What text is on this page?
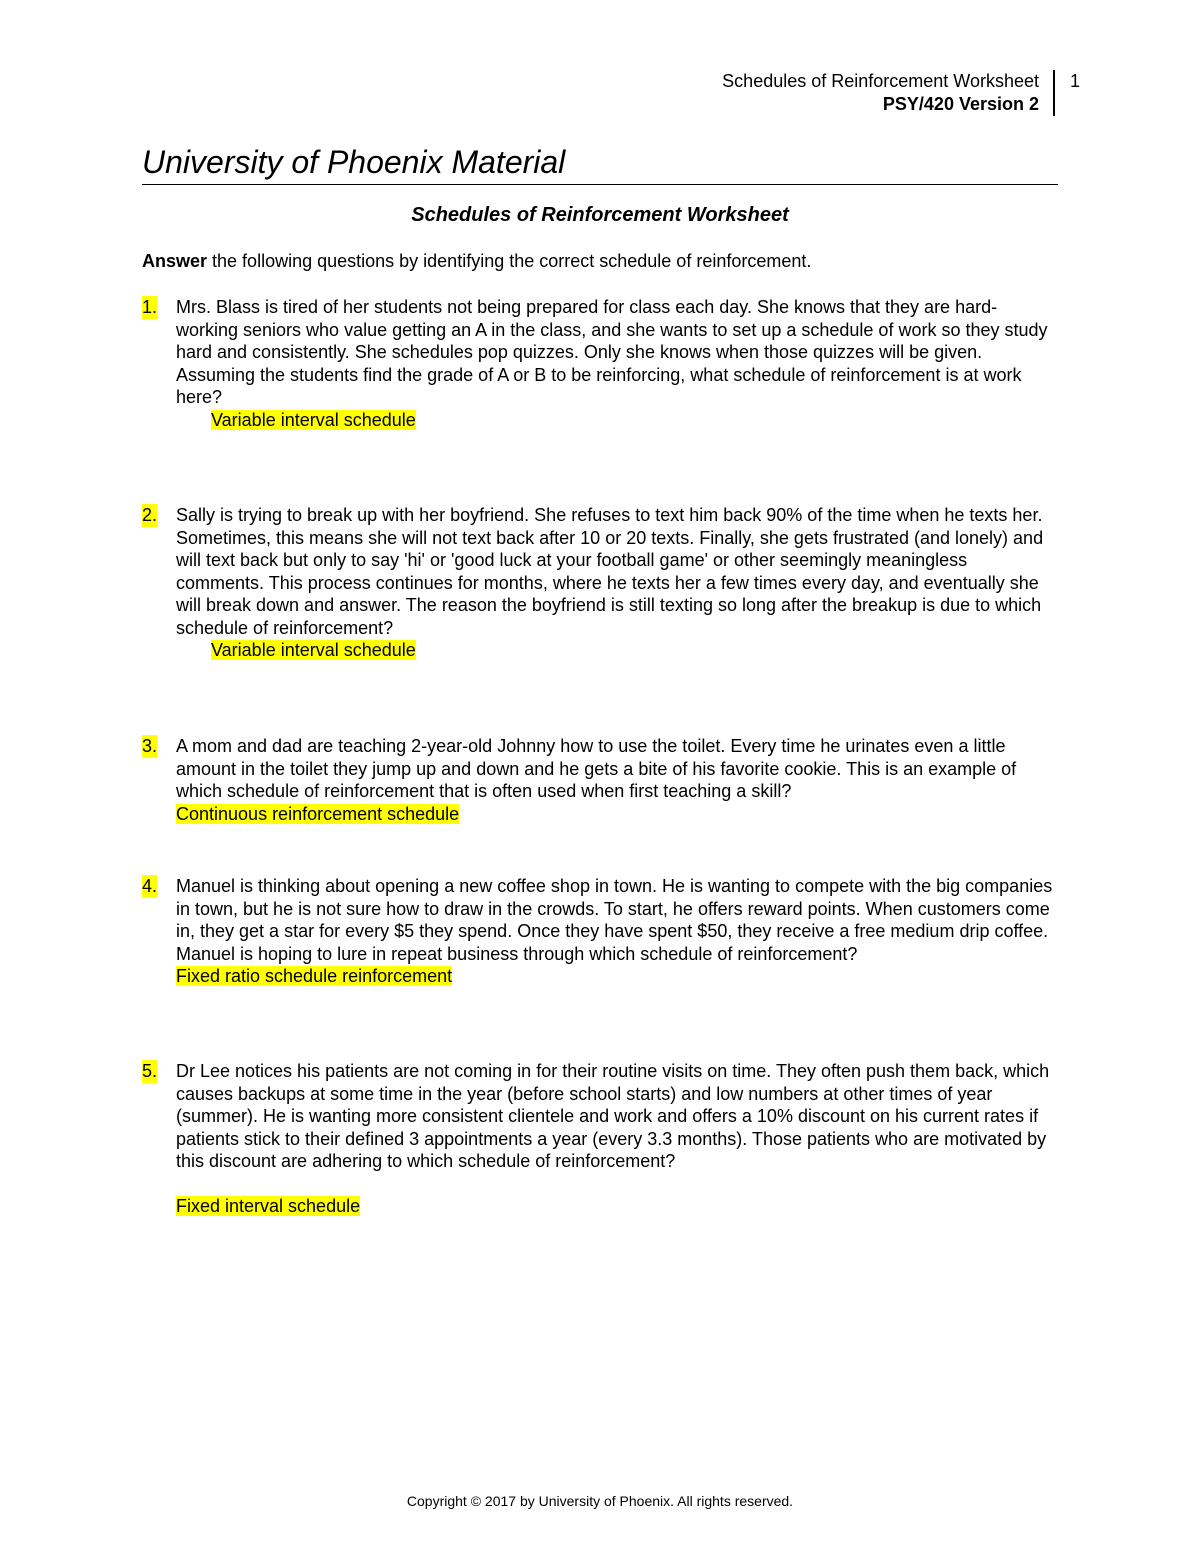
Schedules of Reinforcement Worksheet
PSY/420 Version 2
1
University of Phoenix Material
Schedules of Reinforcement Worksheet
Answer the following questions by identifying the correct schedule of reinforcement.
1. Mrs. Blass is tired of her students not being prepared for class each day. She knows that they are hard-working seniors who value getting an A in the class, and she wants to set up a schedule of work so they study hard and consistently. She schedules pop quizzes. Only she knows when those quizzes will be given. Assuming the students find the grade of A or B to be reinforcing, what schedule of reinforcement is at work here?
Variable interval schedule
2. Sally is trying to break up with her boyfriend. She refuses to text him back 90% of the time when he texts her. Sometimes, this means she will not text back after 10 or 20 texts. Finally, she gets frustrated (and lonely) and will text back but only to say 'hi' or 'good luck at your football game' or other seemingly meaningless comments. This process continues for months, where he texts her a few times every day, and eventually she will break down and answer. The reason the boyfriend is still texting so long after the breakup is due to which schedule of reinforcement?
Variable interval schedule
3. A mom and dad are teaching 2-year-old Johnny how to use the toilet. Every time he urinates even a little amount in the toilet they jump up and down and he gets a bite of his favorite cookie. This is an example of which schedule of reinforcement that is often used when first teaching a skill?
Continuous reinforcement schedule
4. Manuel is thinking about opening a new coffee shop in town. He is wanting to compete with the big companies in town, but he is not sure how to draw in the crowds. To start, he offers reward points. When customers come in, they get a star for every $5 they spend. Once they have spent $50, they receive a free medium drip coffee. Manuel is hoping to lure in repeat business through which schedule of reinforcement?
Fixed ratio schedule reinforcement
5. Dr Lee notices his patients are not coming in for their routine visits on time. They often push them back, which causes backups at some time in the year (before school starts) and low numbers at other times of year (summer). He is wanting more consistent clientele and work and offers a 10% discount on his current rates if patients stick to their defined 3 appointments a year (every 3.3 months). Those patients who are motivated by this discount are adhering to which schedule of reinforcement?
Fixed interval schedule
Copyright © 2017 by University of Phoenix. All rights reserved.
